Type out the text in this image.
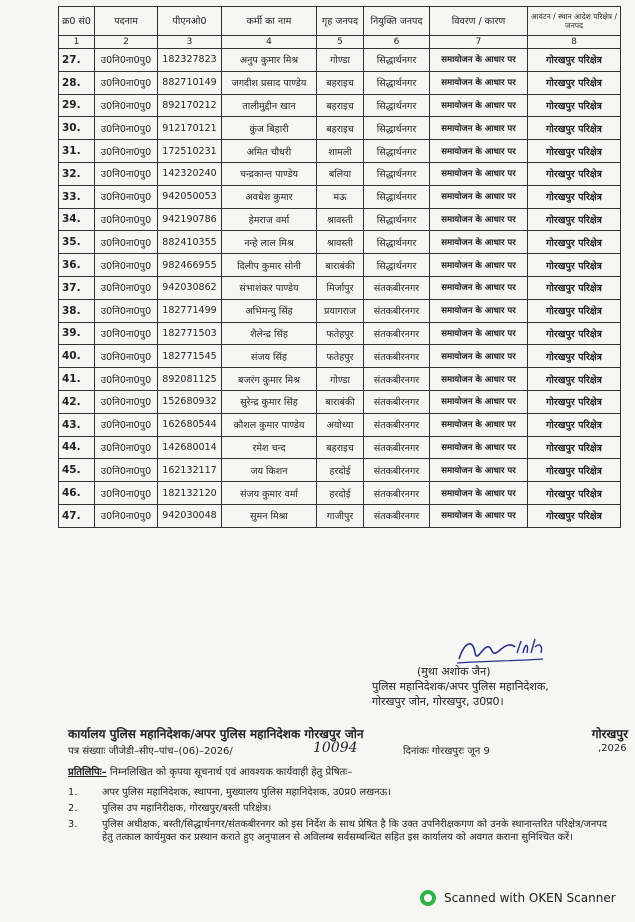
क्र0 सं0	पदनाम	पीएनओ0	कर्मी का नाम	गृह जनपद	नियुक्ति जनपद	विवरण / कारण	आवंटन / स्थान आदेश परिक्षेत्र / जनपद
1	2	3	4	5	6	7	8
27.	उ0नि0ना0पु0	182327823	अनुप कुमार मिश्र	गोण्डा	सिद्धार्थनगर	समायोजन के आधार पर	गोरखपुर परिक्षेत्र
28.	उ0नि0ना0पु0	882710149	जगदीश प्रसाद पाण्डेय	बहराइच	सिद्धार्थनगर	समायोजन के आधार पर	गोरखपुर परिक्षेत्र
29.	उ0नि0ना0पु0	892170212	तालीमुद्दीन खान	बहराइच	सिद्धार्थनगर	समायोजन के आधार पर	गोरखपुर परिक्षेत्र
30.	उ0नि0ना0पु0	912170121	कुंज बिहारी	बहराइच	सिद्धार्थनगर	समायोजन के आधार पर	गोरखपुर परिक्षेत्र
31.	उ0नि0ना0पु0	172510231	अमित चौधरी	शामली	सिद्धार्थनगर	समायोजन के आधार पर	गोरखपुर परिक्षेत्र
32.	उ0नि0ना0पु0	142320240	चन्द्रकान्त पाण्डेय	बलिया	सिद्धार्थनगर	समायोजन के आधार पर	गोरखपुर परिक्षेत्र
33.	उ0नि0ना0पु0	942050053	अवधेश कुमार	मऊ	सिद्धार्थनगर	समायोजन के आधार पर	गोरखपुर परिक्षेत्र
34.	उ0नि0ना0पु0	942190786	हेमराज वर्मा	श्रावस्ती	सिद्धार्थनगर	समायोजन के आधार पर	गोरखपुर परिक्षेत्र
35.	उ0नि0ना0पु0	882410355	नन्हे लाल मिश्र	श्रावस्ती	सिद्धार्थनगर	समायोजन के आधार पर	गोरखपुर परिक्षेत्र
36.	उ0नि0ना0पु0	982466955	दिलीप कुमार सोनी	बाराबंकी	सिद्धार्थनगर	समायोजन के आधार पर	गोरखपुर परिक्षेत्र
37.	उ0नि0ना0पु0	942030862	संभाशंकर पाण्डेय	मिर्जापुर	संतकबीरनगर	समायोजन के आधार पर	गोरखपुर परिक्षेत्र
38.	उ0नि0ना0पु0	182771499	अभिमन्यु सिंह	प्रयागराज	संतकबीरनगर	समायोजन के आधार पर	गोरखपुर परिक्षेत्र
39.	उ0नि0ना0पु0	182771503	शैलेन्द्र सिंह	फतेहपुर	संतकबीरनगर	समायोजन के आधार पर	गोरखपुर परिक्षेत्र
40.	उ0नि0ना0पु0	182771545	संजय सिंह	फतेहपुर	संतकबीरनगर	समायोजन के आधार पर	गोरखपुर परिक्षेत्र
41.	उ0नि0ना0पु0	892081125	बजरंग कुमार मिश्र	गोण्डा	संतकबीरनगर	समायोजन के आधार पर	गोरखपुर परिक्षेत्र
42.	उ0नि0ना0पु0	152680932	सुरेन्द्र कुमार सिंह	बाराबंकी	संतकबीरनगर	समायोजन के आधार पर	गोरखपुर परिक्षेत्र
43.	उ0नि0ना0पु0	162680544	कौशल कुमार पाण्डेय	अयोध्या	संतकबीरनगर	समायोजन के आधार पर	गोरखपुर परिक्षेत्र
44.	उ0नि0ना0पु0	142680014	रमेश चन्द	बहराइच	संतकबीरनगर	समायोजन के आधार पर	गोरखपुर परिक्षेत्र
45.	उ0नि0ना0पु0	162132117	जय किशन	हरदोई	संतकबीरनगर	समायोजन के आधार पर	गोरखपुर परिक्षेत्र
46.	उ0नि0ना0पु0	182132120	संजय कुमार वर्मा	हरदोई	संतकबीरनगर	समायोजन के आधार पर	गोरखपुर परिक्षेत्र
47.	उ0नि0ना0पु0	942030048	सुमन मिश्रा	गाजीपुर	संतकबीरनगर	समायोजन के आधार पर	गोरखपुर परिक्षेत्र
(मुथा अशोक जैन)
पुलिस महानिदेशक/अपर पुलिस महानिदेशक,
गोरखपुर जोन, गोरखपुर, उ0प्र0।
कार्यालय पुलिस महानिदेशक/अपर पुलिस महानिदेशक गोरखपुर जोन	गोरखपुर
पत्र संख्याः जीजेडी–सीए–पांच–(06)–2026/	10094	दिनांकः गोरखपुरः जून 9	,2026
प्रतिलिपिः– निम्नलिखित को कृपया सूचनार्थ एवं आवश्यक कार्यवाही हेतु प्रेषितः–
1.	अपर पुलिस महानिदेशक, स्थापना, मुख्यालय पुलिस महानिदेशक, उ0प्र0 लखनऊ।
2.	पुलिस उप महानिरीक्षक, गोरखपुर/बस्ती परिक्षेत्र।
3.	पुलिस अधीक्षक, बस्ती/सिद्धार्थनगर/संतकबीरनगर को इस निर्देश के साथ प्रेषित है कि उक्त उपनिरीक्षकगण को उनके स्थानान्तरित परिक्षेत्र/जनपद हेतु तत्काल कार्यमुक्त कर प्रस्थान कराते हुए अनुपालन से अविलम्ब सर्वसम्बन्धित सहित इस कार्यालय को अवगत कराना सुनिश्चित करें।
Scanned with OKEN Scanner
